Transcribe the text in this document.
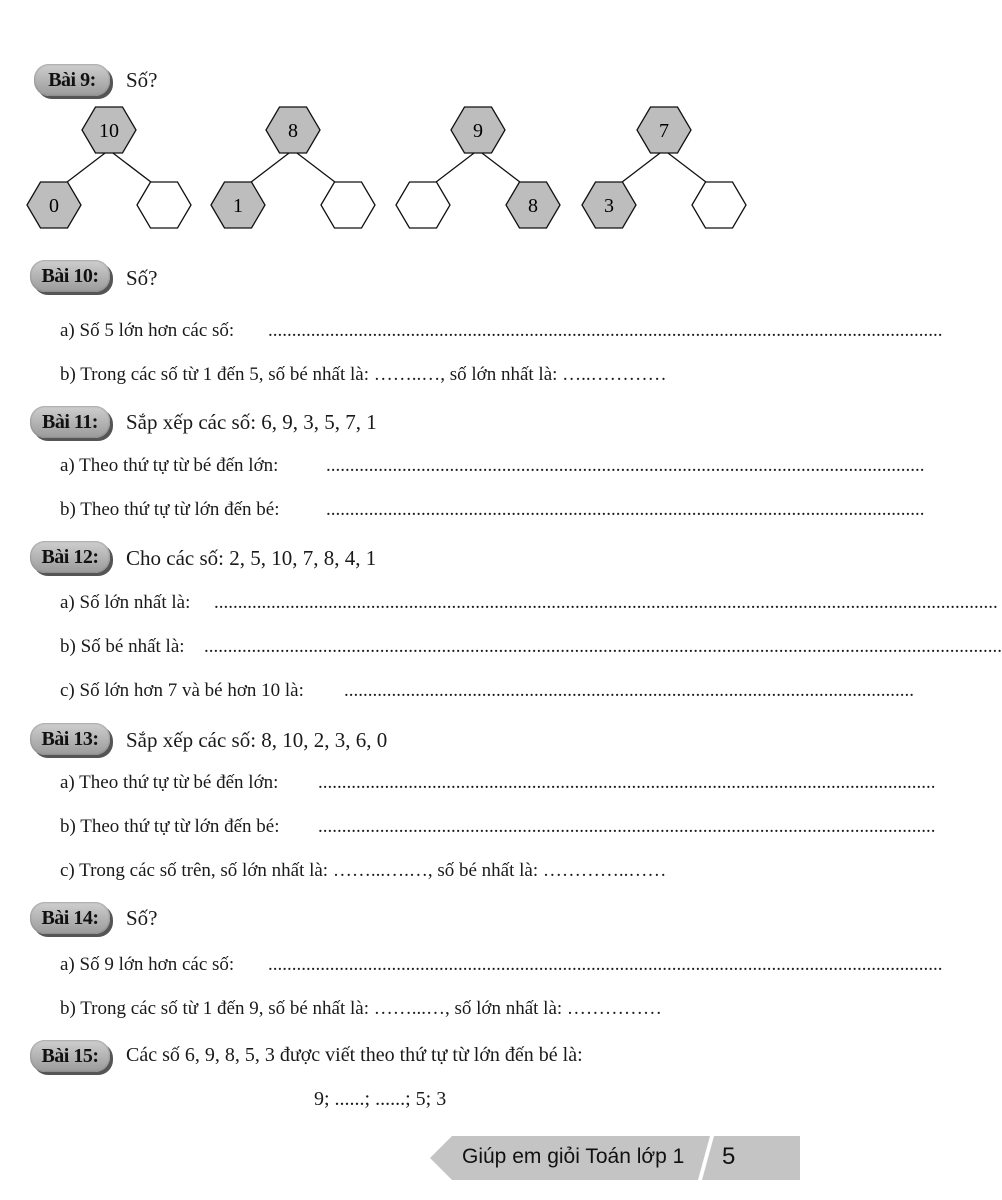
Bài 9:	Số?
10
0
8
1
9
8
7
3
Bài 10:	Số?
a) Số 5 lớn hơn các số: ..............................................................................................................................................
b) Trong các số từ 1 đến 5, số bé nhất là: ……..…, số lớn nhất là: …..…………
Bài 11:	Sắp xếp các số: 6, 9, 3, 5, 7, 1
a) Theo thứ tự từ bé đến lớn:	..............................................................................................................................
b) Theo thứ tự từ lớn đến bé: ..............................................................................................................................
Bài 12:	Cho các số: 2, 5, 10, 7, 8, 4, 1
a) Số lớn nhất là: .....................................................................................................................................................................
b) Số bé nhất là: ........................................................................................................................................................................
c) Số lớn hơn 7 và bé hơn 10 là: ........................................................................................................................
Bài 13:	Sắp xếp các số: 8, 10, 2, 3, 6, 0
a) Theo thứ tự từ bé đến lớn: ..................................................................................................................................
b) Theo thứ tự từ lớn đến bé: ..................................................................................................................................
c) Trong các số trên, số lớn nhất là: ……...….…, số bé nhất là: …………..……
Bài 14:	Số?
a) Số 9 lớn hơn các số: ..............................................................................................................................................
b) Trong các số từ 1 đến 9, số bé nhất là: ……...…, số lớn nhất là: ……………
Bài 15:	Các số 6, 9, 8, 5, 3 được viết theo thứ tự từ lớn đến bé là:
9; ......; ......; 5; 3
Giúp em giỏi Toán lớp 1 5
